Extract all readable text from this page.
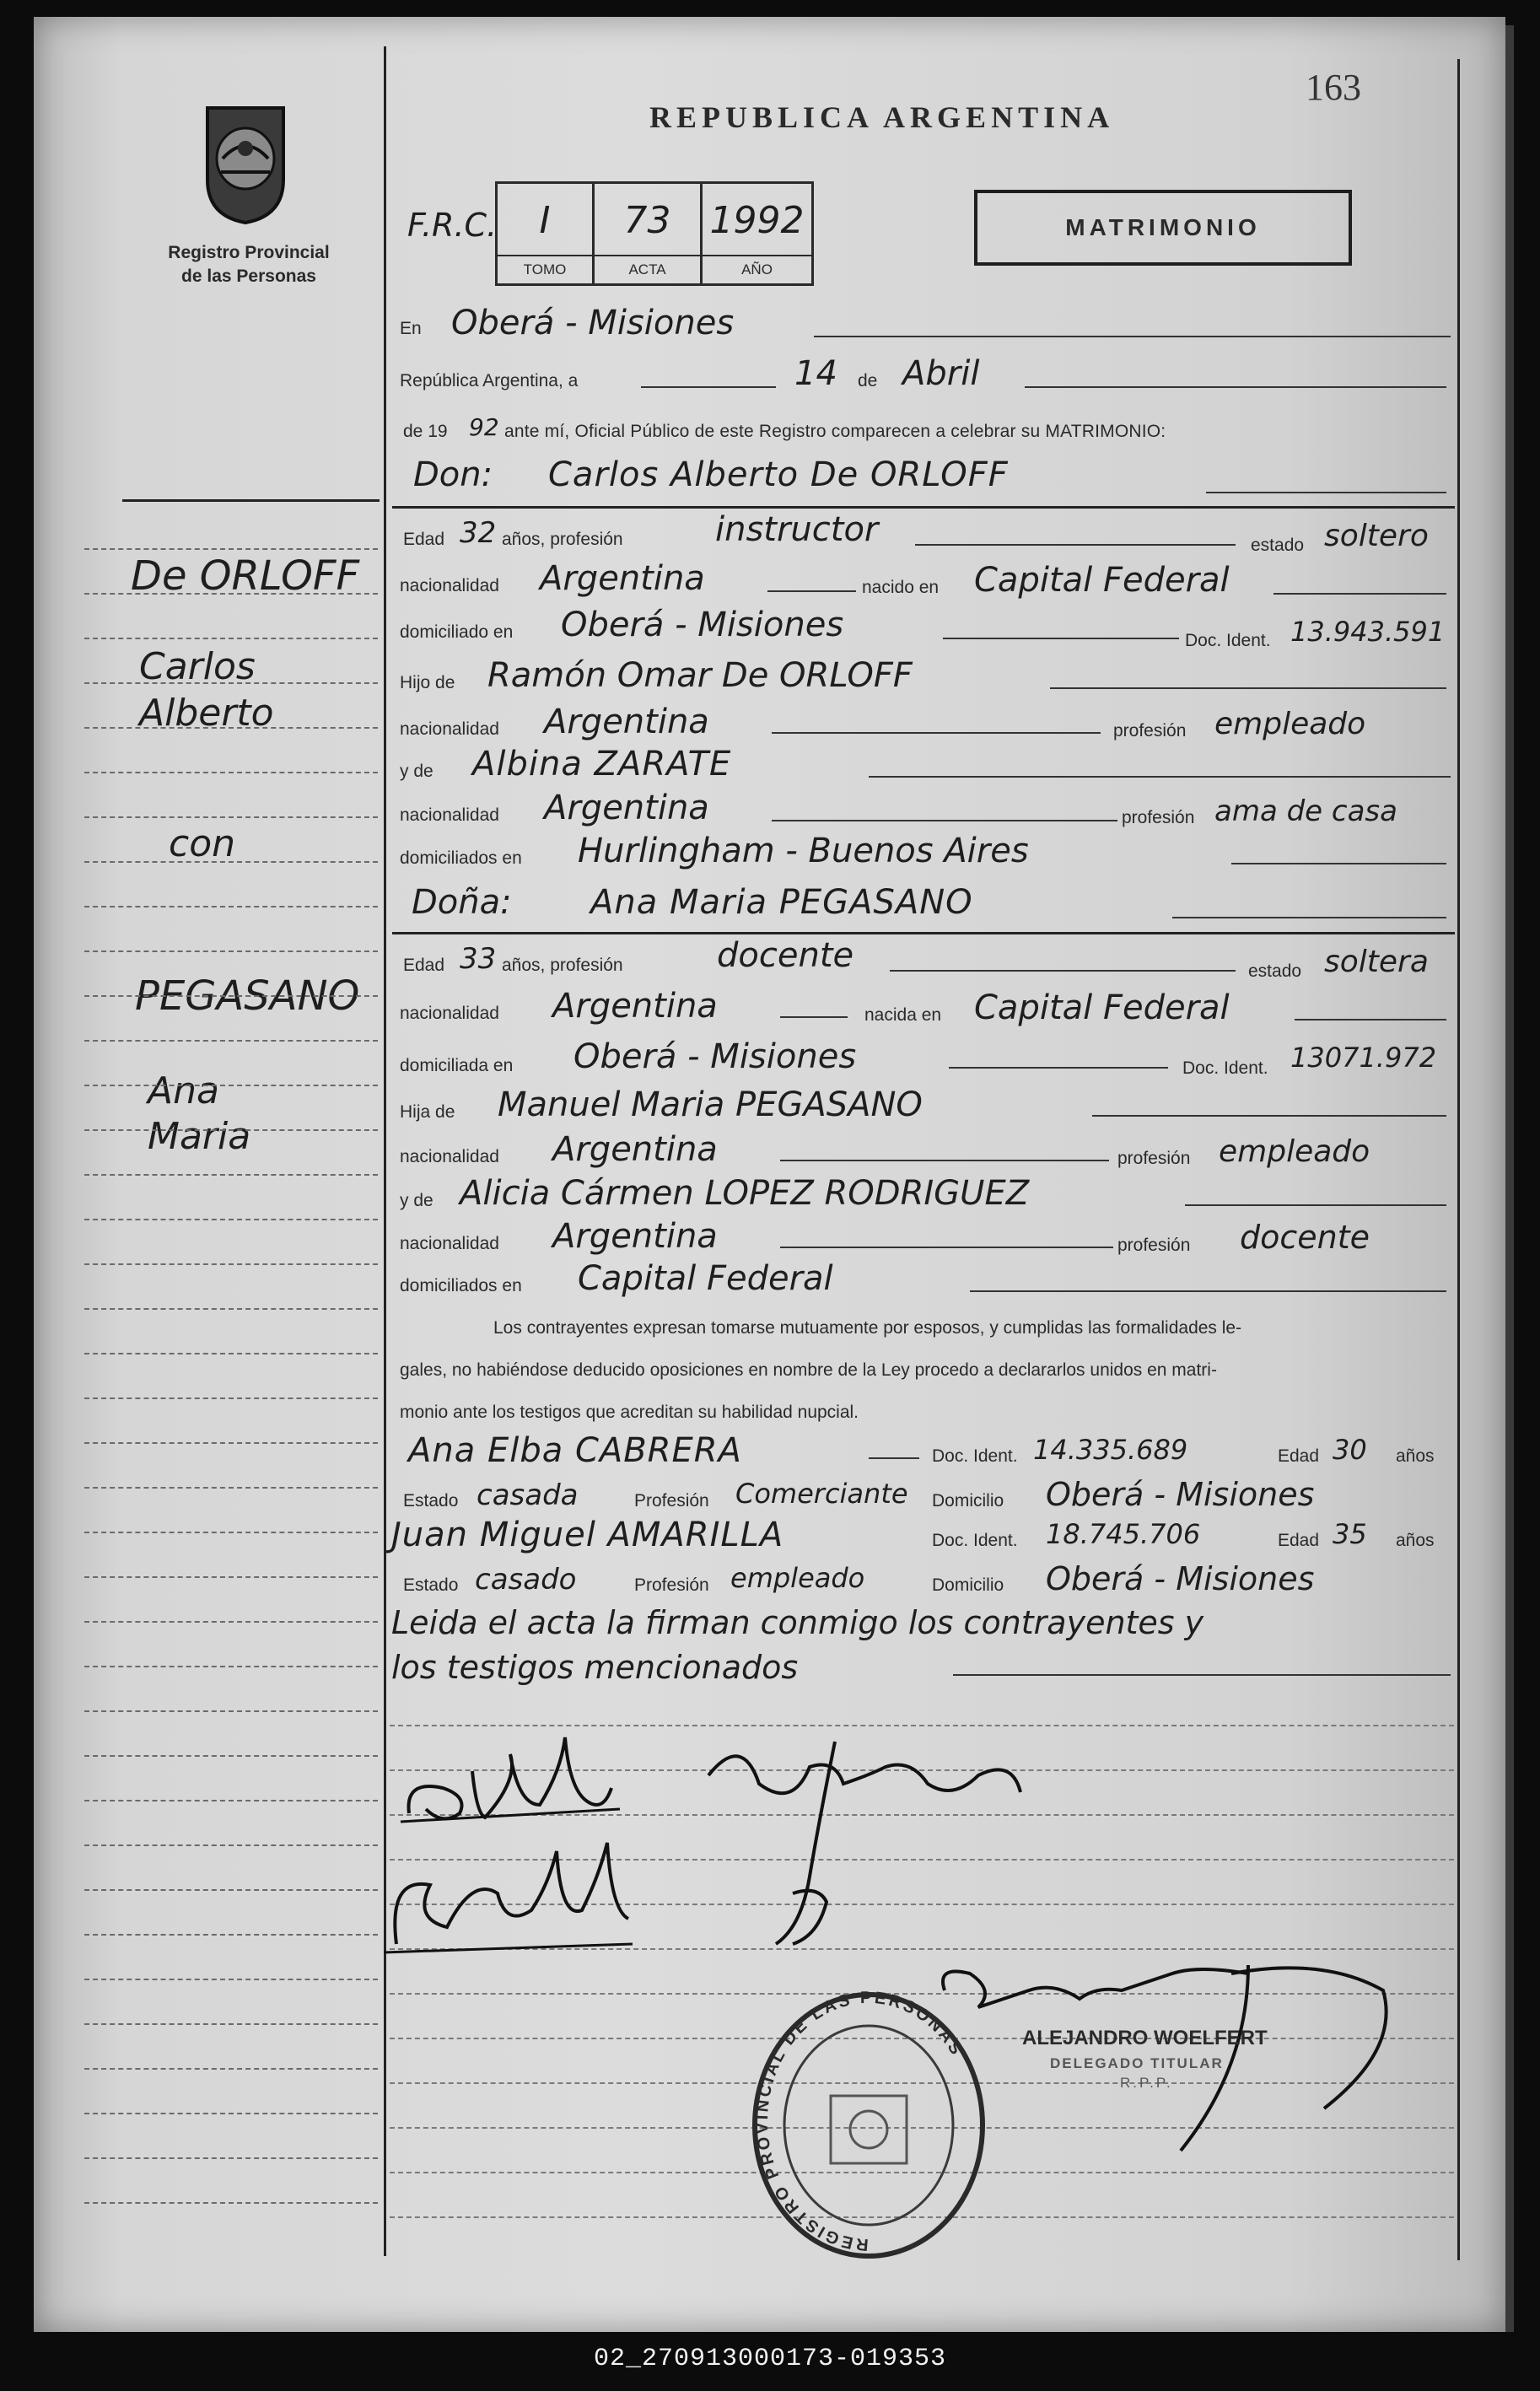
163
Registro Provincial
de las Personas
REPUBLICA ARGENTINA
F.R.C.	I
TOMO
73
ACTA
1992
AÑO
MATRIMONIO
De ORLOFF
Carlos
Alberto
con
PEGASANO
Ana
Maria
En Oberá - Misiones
República Argentina, a	14 de Abril
de 19 92 ante mí, Oficial Público de este Registro comparecen a celebrar su MATRIMONIO:
Don: Carlos Alberto De ORLOFF
Edad 32 años, profesión	instructor	estado soltero
nacionalidad Argentina	nacido en Capital Federal
domiciliado en Oberá - Misiones	Doc. Ident. 13.943.591
Hijo de Ramón Omar De ORLOFF
nacionalidad Argentina	profesión empleado
y de Albina ZARATE
nacionalidad Argentina	profesión ama de casa
domiciliados en Hurlingham - Buenos Aires
Doña: Ana Maria PEGASANO
Edad 33 años, profesión	docente	estado soltera
nacionalidad Argentina	nacida en Capital Federal
domiciliada en Oberá - Misiones	Doc. Ident. 13071.972
Hija de Manuel Maria PEGASANO
nacionalidad Argentina	profesión empleado
y de Alicia Cármen LOPEZ RODRIGUEZ
nacionalidad Argentina	profesión docente
domiciliados en Capital Federal
Los contrayentes expresan tomarse mutuamente por esposos, y cumplidas las formalidades le-
gales, no habiéndose deducido oposiciones en nombre de la Ley procedo a declararlos unidos en matri-
monio ante los testigos que acreditan su habilidad nupcial.
Ana Elba CABRERA	Doc. Ident. 14.335.689	Edad 30 años
Estado casada	Profesión Comerciante Domicilio Oberá - Misiones
Juan Miguel AMARILLA	Doc. Ident. 18.745.706	Edad 35 años
Estado casado	Profesión empleado	Domicilio Oberá - Misiones
Leida el acta la firman conmigo los contrayentes y
los testigos mencionados
ALEJANDRO WOELFERT
DELEGADO TITULAR
R.P.P.
REGISTRO PROVINCIAL DE LAS PERSONAS
02_270913000173-019353
